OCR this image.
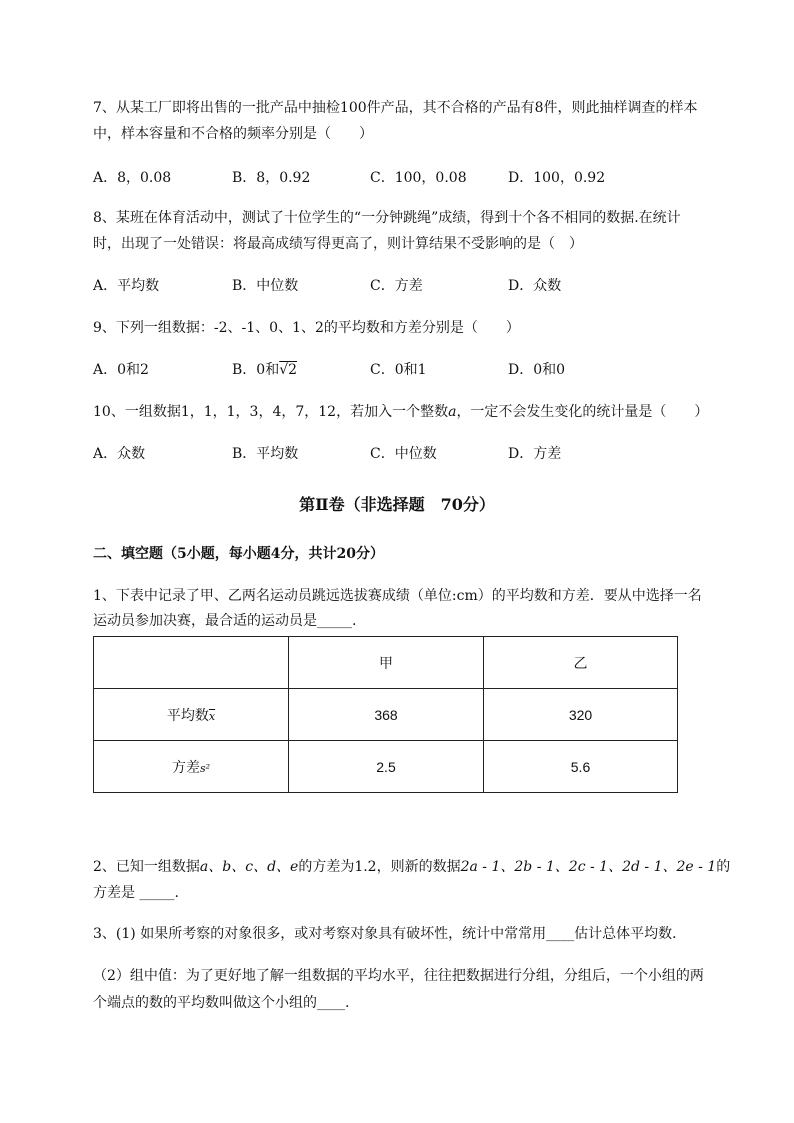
7、从某工厂即将出售的一批产品中抽检100件产品，其不合格的产品有8件，则此抽样调查的样本
中，样本容量和不合格的频率分别是（　　）
A．8，0.08	B．8，0.92	C．100，0.08	D．100，0.92
8、某班在体育活动中，测试了十位学生的“一分钟跳绳”成绩，得到十个各不相同的数据.在统计
时，出现了一处错误：将最高成绩写得更高了，则计算结果不受影响的是（　）
A．平均数	B．中位数	C．方差	D．众数
9、下列一组数据：-2、-1、0、1、2的平均数和方差分别是（　　）
A．0和2	B．0和√2	C．0和1	D．0和0
10、一组数据1，1，1，3，4，7，12，若加入一个整数a，一定不会发生变化的统计量是（　　）
A．众数	B．平均数	C．中位数	D．方差
第Ⅱ卷（非选择题　70分）
二、填空题（5小题，每小题4分，共计20分）
1、下表中记录了甲、乙两名运动员跳远选拔赛成绩（单位:cm）的平均数和方差．要从中选择一名
运动员参加决赛，最合适的运动员是_____.
	甲	乙
平均数$\overline{x}$	368	320
方差s²	2.5	5.6
2、已知一组数据a、b、c、d、e的方差为1.2，则新的数据2a - 1、2b - 1、2c - 1、2d - 1、2e - 1的
方差是 _____.
3、(1) 如果所考察的对象很多，或对考察对象具有破坏性，统计中常常用____估计总体平均数．
（2）组中值：为了更好地了解一组数据的平均水平，往往把数据进行分组，分组后，一个小组的两
个端点的数的平均数叫做这个小组的____.
